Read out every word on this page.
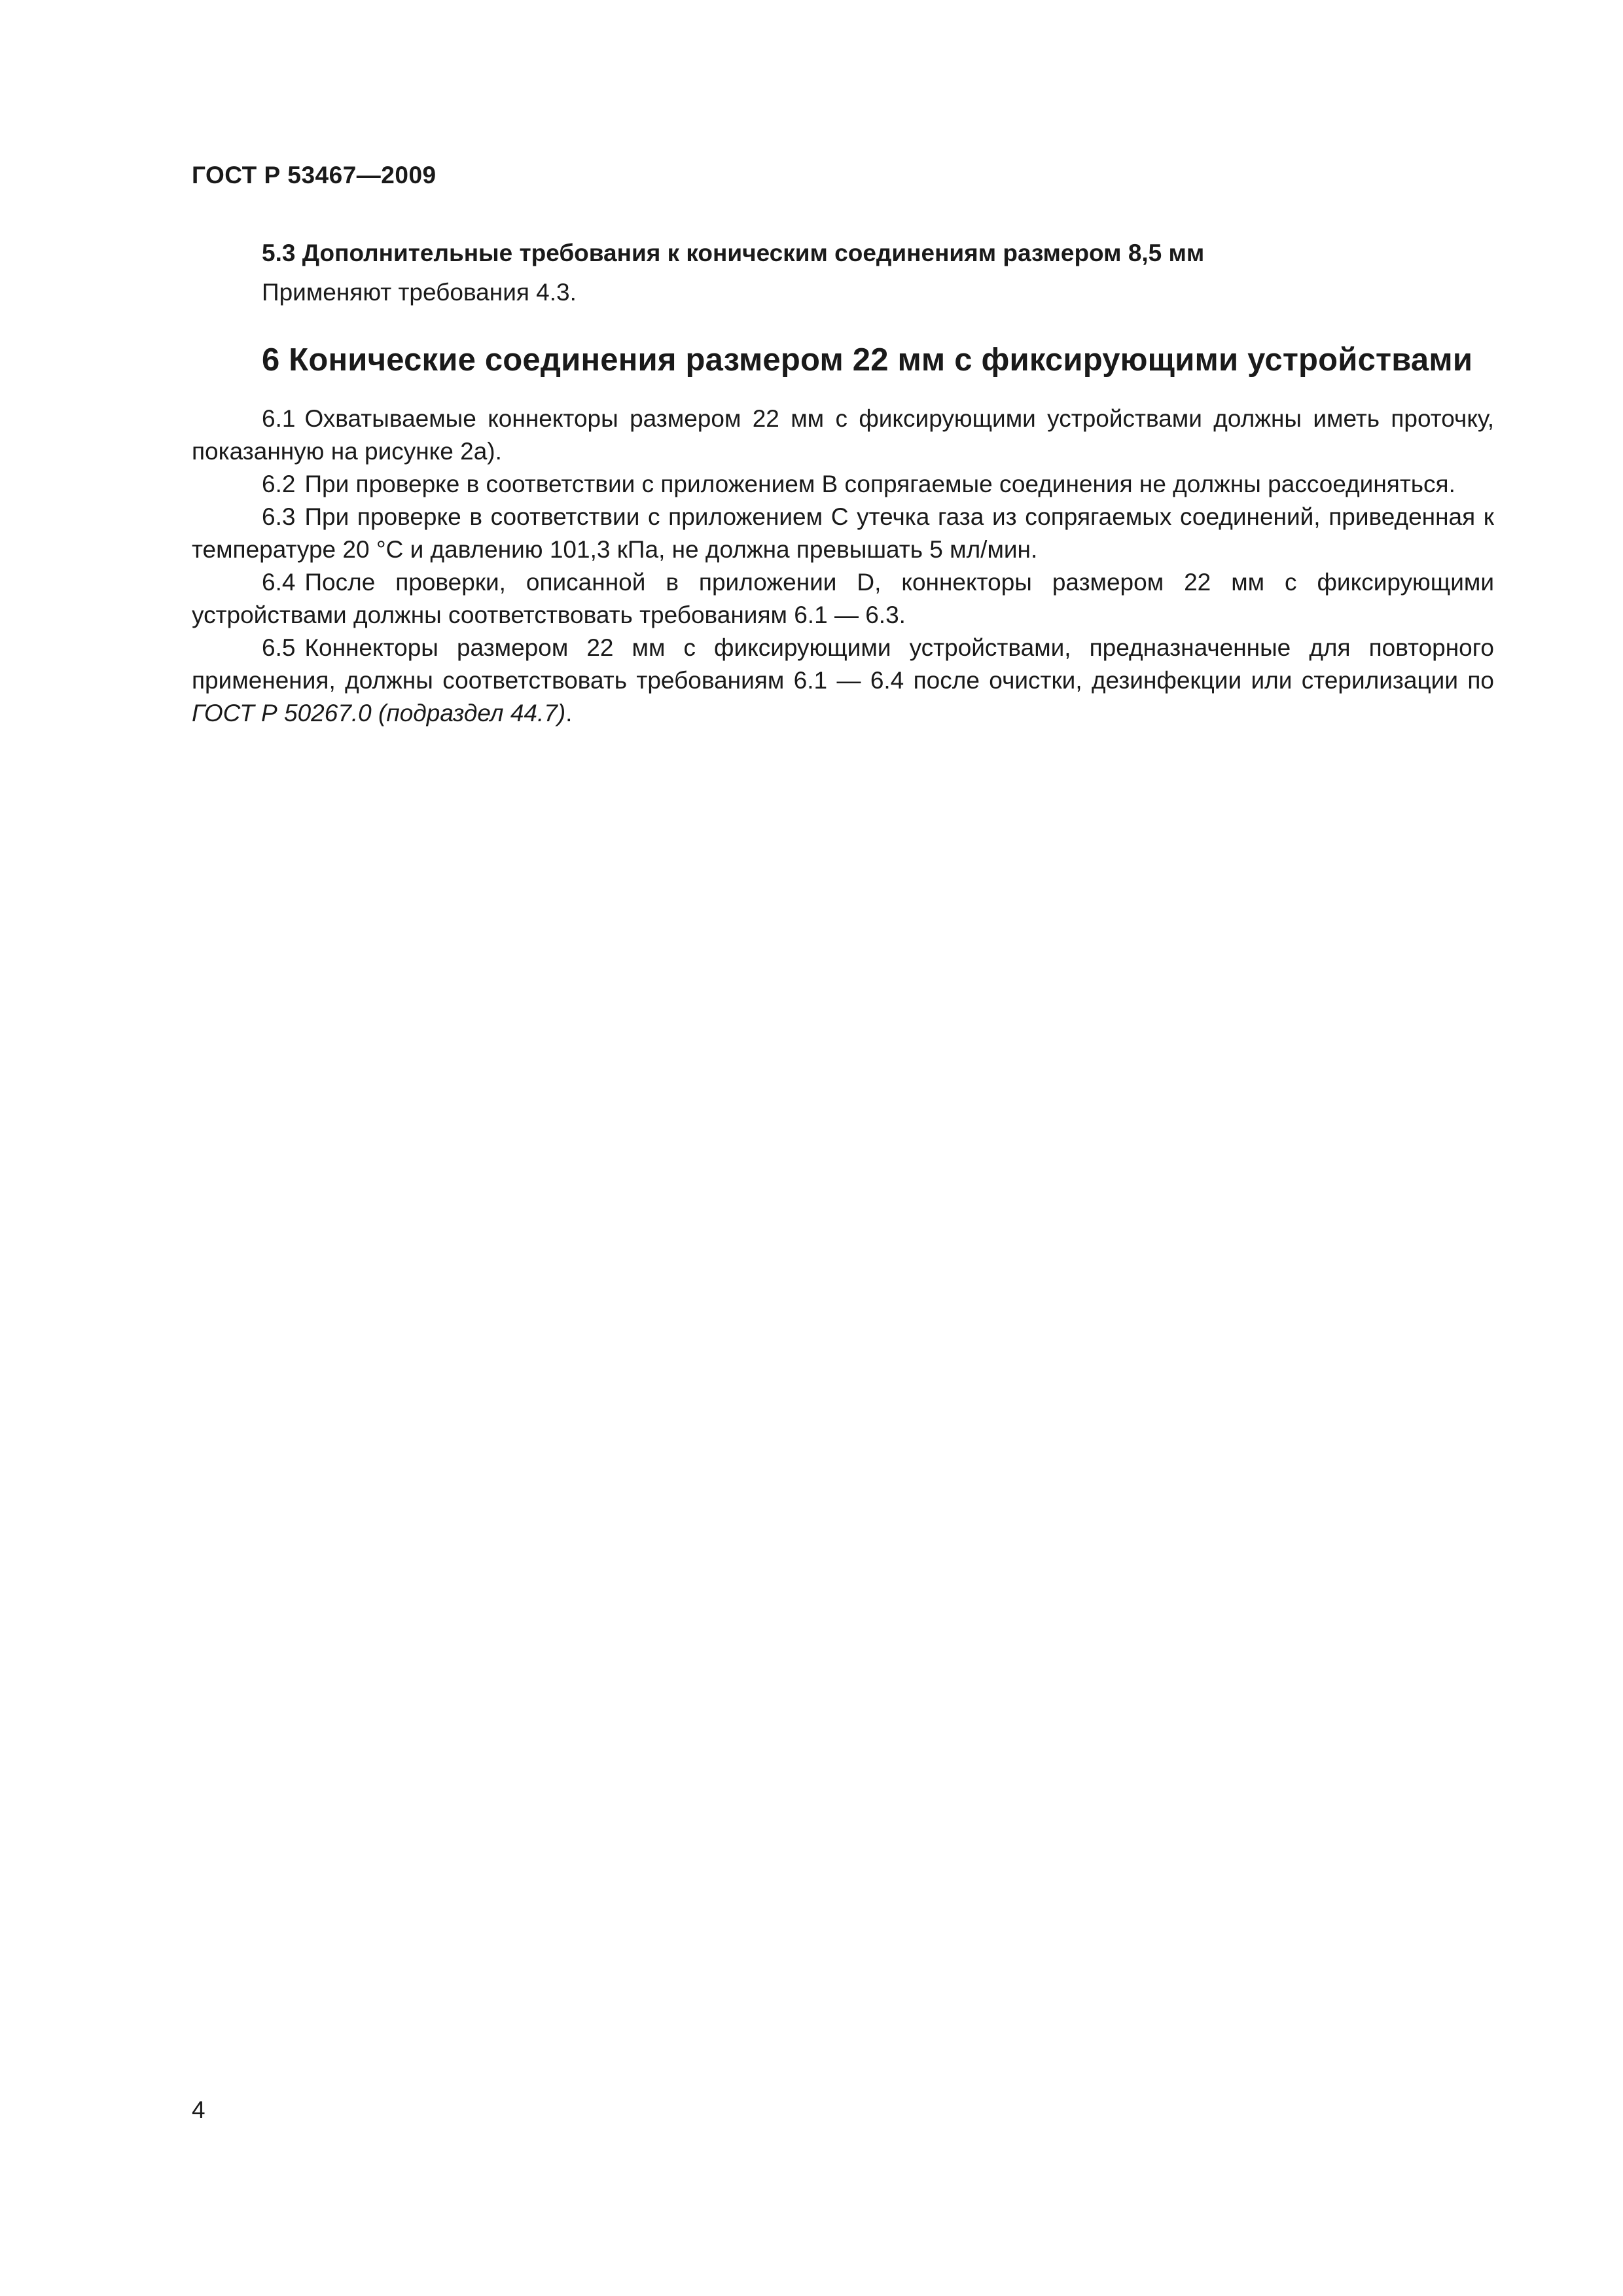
ГОСТ Р 53467—2009
5.3 Дополнительные требования к коническим соединениям размером 8,5 мм
Применяют требования 4.3.
6 Конические соединения размером 22 мм с фиксирующими устройствами

6.1 Охватываемые коннекторы размером 22 мм с фиксирующими устройствами должны иметь проточку, показанную на рисунке 2а).

6.2 При проверке в соответствии с приложением В сопрягаемые соединения не должны рассоединяться.

6.3 При проверке в соответствии с приложением С утечка газа из сопрягаемых соединений, приведенная к температуре 20 °С и давлению 101,3 кПа, не должна превышать 5 мл/мин.

6.4 После проверки, описанной в приложении D, коннекторы размером 22 мм с фиксирующими устройствами должны соответствовать требованиям 6.1 — 6.3.

6.5 Коннекторы размером 22 мм с фиксирующими устройствами, предназначенные для повторного применения, должны соответствовать требованиям 6.1 — 6.4 после очистки, дезинфекции или стерилизации по ГОСТ Р 50267.0 (подраздел 44.7).

4
